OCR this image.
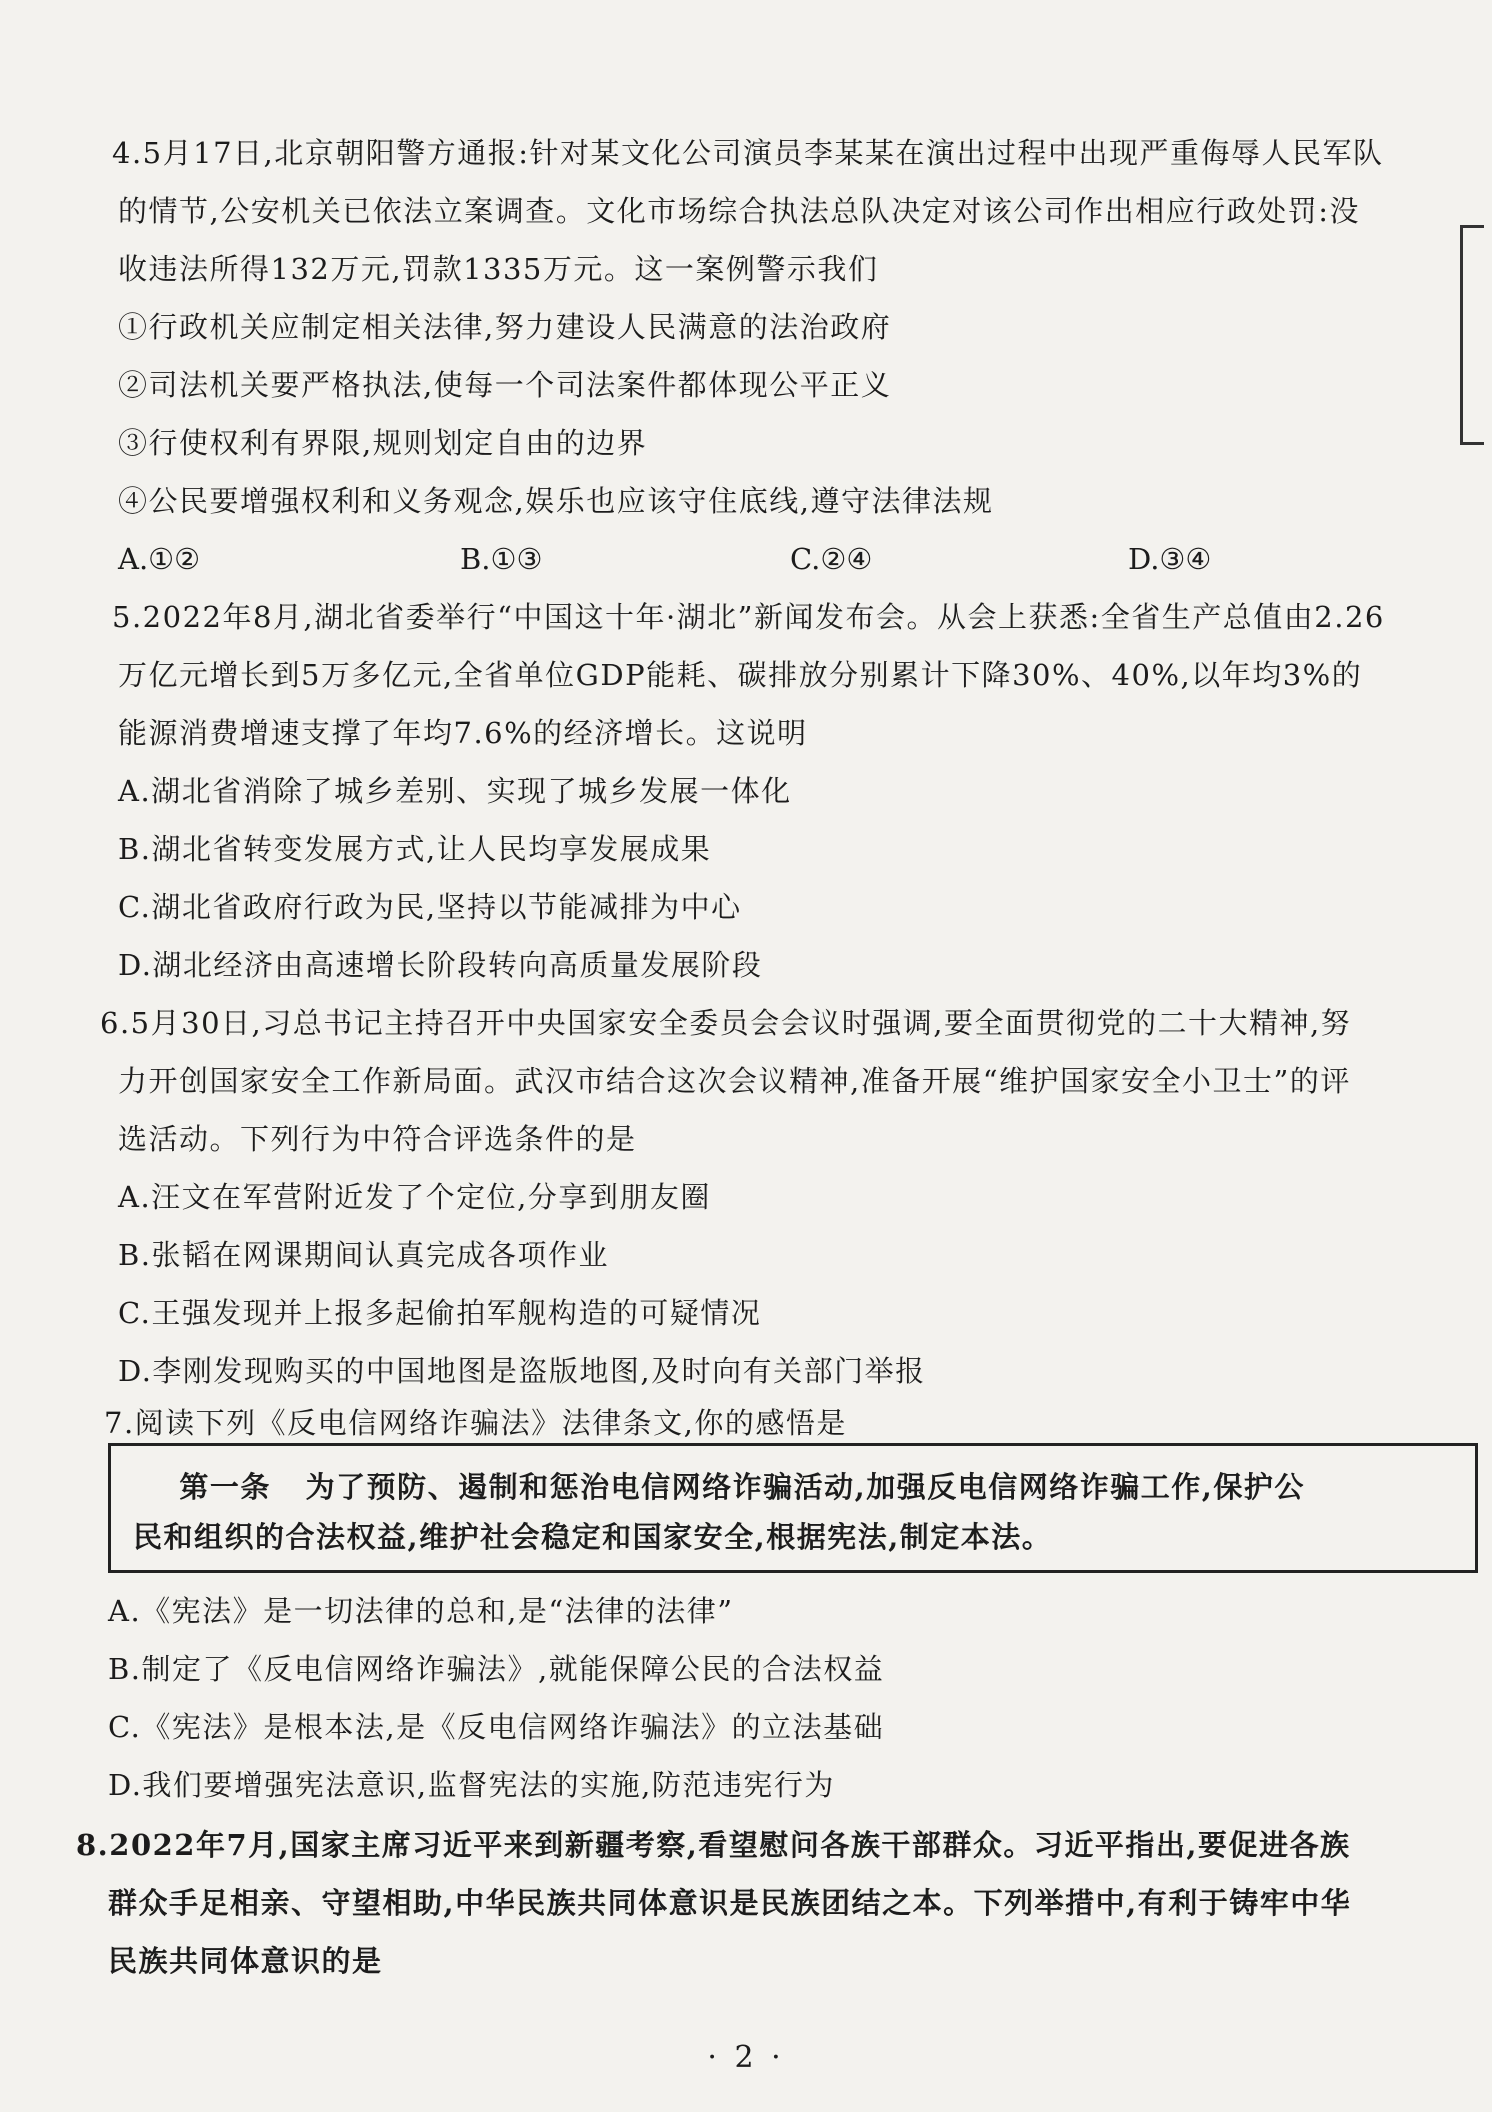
4.5月17日,北京朝阳警方通报:针对某文化公司演员李某某在演出过程中出现严重侮辱人民军队
的情节,公安机关已依法立案调查。文化市场综合执法总队决定对该公司作出相应行政处罚:没
收违法所得132万元,罚款1335万元。这一案例警示我们
①行政机关应制定相关法律,努力建设人民满意的法治政府
②司法机关要严格执法,使每一个司法案件都体现公平正义
③行使权利有界限,规则划定自由的边界
④公民要增强权利和义务观念,娱乐也应该守住底线,遵守法律法规
A.①②	B.①③	C.②④	D.③④
5.2022年8月,湖北省委举行“中国这十年·湖北”新闻发布会。从会上获悉:全省生产总值由2.26
万亿元增长到5万多亿元,全省单位GDP能耗、碳排放分别累计下降30%、40%,以年均3%的
能源消费增速支撑了年均7.6%的经济增长。这说明
A.湖北省消除了城乡差别、实现了城乡发展一体化
B.湖北省转变发展方式,让人民均享发展成果
C.湖北省政府行政为民,坚持以节能减排为中心
D.湖北经济由高速增长阶段转向高质量发展阶段
6.5月30日,习总书记主持召开中央国家安全委员会会议时强调,要全面贯彻党的二十大精神,努
力开创国家安全工作新局面。武汉市结合这次会议精神,准备开展“维护国家安全小卫士”的评
选活动。下列行为中符合评选条件的是
A.汪文在军营附近发了个定位,分享到朋友圈
B.张韬在网课期间认真完成各项作业
C.王强发现并上报多起偷拍军舰构造的可疑情况
D.李刚发现购买的中国地图是盗版地图,及时向有关部门举报
7.阅读下列《反电信网络诈骗法》法律条文,你的感悟是
第一条   为了预防、遏制和惩治电信网络诈骗活动,加强反电信网络诈骗工作,保护公
民和组织的合法权益,维护社会稳定和国家安全,根据宪法,制定本法。
A.《宪法》是一切法律的总和,是“法律的法律”
B.制定了《反电信网络诈骗法》,就能保障公民的合法权益
C.《宪法》是根本法,是《反电信网络诈骗法》的立法基础
D.我们要增强宪法意识,监督宪法的实施,防范违宪行为
8.2022年7月,国家主席习近平来到新疆考察,看望慰问各族干部群众。习近平指出,要促进各族
群众手足相亲、守望相助,中华民族共同体意识是民族团结之本。下列举措中,有利于铸牢中华
民族共同体意识的是
· 2 ·
